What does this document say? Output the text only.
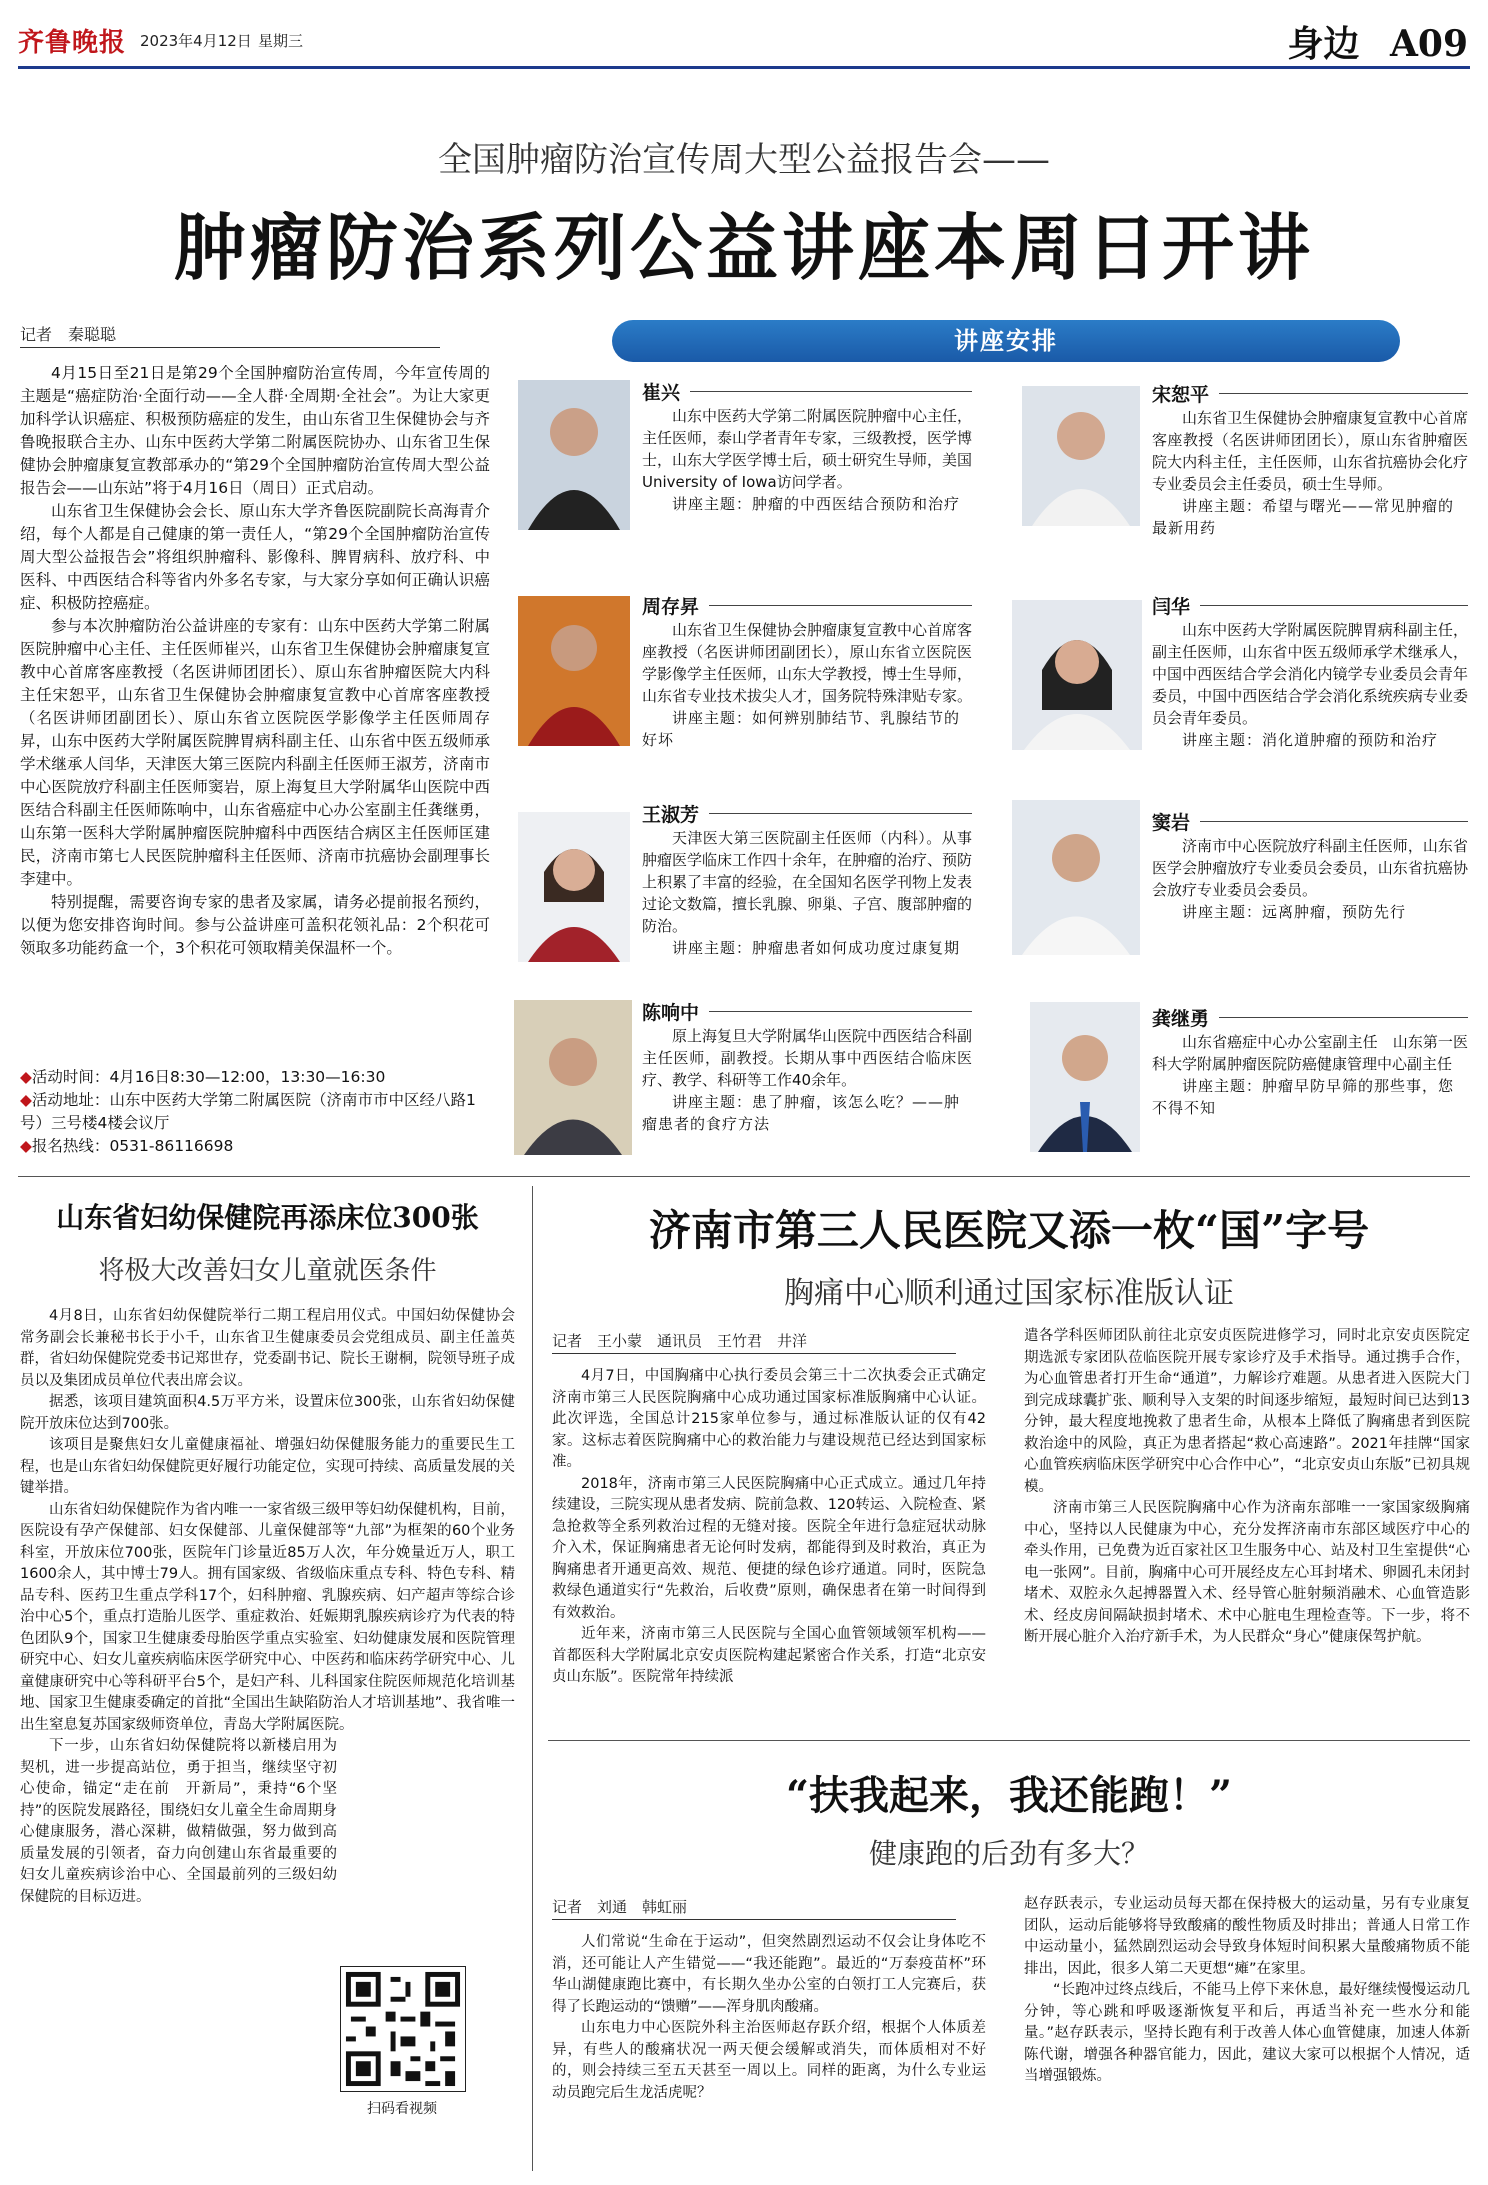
齐鲁晚报 2023年4月12日 星期三	身边 A09
全国肿瘤防治宣传周大型公益报告会——
肿瘤防治系列公益讲座本周日开讲
记者　秦聪聪

4月15日至21日是第29个全国肿瘤防治宣传周，今年宣传周的主题是“癌症防治·全面行动——全人群·全周期·全社会”。为让大家更加科学认识癌症、积极预防癌症的发生，由山东省卫生保健协会与齐鲁晚报联合主办、山东中医药大学第二附属医院协办、山东省卫生保健协会肿瘤康复宣教部承办的“第29个全国肿瘤防治宣传周大型公益报告会——山东站”将于4月16日（周日）正式启动。

山东省卫生保健协会会长、原山东大学齐鲁医院副院长高海青介绍，每个人都是自己健康的第一责任人，“第29个全国肿瘤防治宣传周大型公益报告会”将组织肿瘤科、影像科、脾胃病科、放疗科、中医科、中西医结合科等省内外多名专家，与大家分享如何正确认识癌症、积极防控癌症。

参与本次肿瘤防治公益讲座的专家有：山东中医药大学第二附属医院肿瘤中心主任、主任医师崔兴，山东省卫生保健协会肿瘤康复宣教中心首席客座教授（名医讲师团团长）、原山东省肿瘤医院大内科主任宋恕平，山东省卫生保健协会肿瘤康复宣教中心首席客座教授（名医讲师团副团长）、原山东省立医院医学影像学主任医师周存昇，山东中医药大学附属医院脾胃病科副主任、山东省中医五级师承学术继承人闫华，天津医大第三医院内科副主任医师王淑芳，济南市中心医院放疗科副主任医师窦岩，原上海复旦大学附属华山医院中西医结合科副主任医师陈响中，山东省癌症中心办公室副主任龚继勇，山东第一医科大学附属肿瘤医院肿瘤科中西医结合病区主任医师匡建民，济南市第七人民医院肿瘤科主任医师、济南市抗癌协会副理事长李建中。

特别提醒，需要咨询专家的患者及家属，请务必提前报名预约，以便为您安排咨询时间。参与公益讲座可盖积花领礼品：2个积花可领取多功能药盒一个，3个积花可领取精美保温杯一个。

◆活动时间：4月16日8:30—12:00，13:30—16:30
◆活动地址：山东中医药大学第二附属医院（济南市市中区经八路1号）三号楼4楼会议厅
◆报名热线：0531-86116698
讲座安排
崔兴
山东中医药大学第二附属医院肿瘤中心主任，主任医师，泰山学者青年专家，三级教授，医学博士，山东大学医学博士后，硕士研究生导师，美国University of Iowa访问学者。
讲座主题：肿瘤的中西医结合预防和治疗
宋恕平
山东省卫生保健协会肿瘤康复宣教中心首席客座教授（名医讲师团团长），原山东省肿瘤医院大内科主任，主任医师，山东省抗癌协会化疗专业委员会主任委员，硕士生导师。
讲座主题：希望与曙光——常见肿瘤的最新用药
周存昇
山东省卫生保健协会肿瘤康复宣教中心首席客座教授（名医讲师团副团长），原山东省立医院医学影像学主任医师，山东大学教授，博士生导师，山东省专业技术拔尖人才，国务院特殊津贴专家。
讲座主题：如何辨别肺结节、乳腺结节的好坏
闫华
山东中医药大学附属医院脾胃病科副主任，副主任医师，山东省中医五级师承学术继承人，中国中西医结合学会消化内镜学专业委员会青年委员，中国中西医结合学会消化系统疾病专业委员会青年委员。
讲座主题：消化道肿瘤的预防和治疗
王淑芳
天津医大第三医院副主任医师（内科）。从事肿瘤医学临床工作四十余年，在肿瘤的治疗、预防上积累了丰富的经验，在全国知名医学刊物上发表过论文数篇，擅长乳腺、卵巢、子宫、腹部肿瘤的防治。
讲座主题：肿瘤患者如何成功度过康复期
窦岩
济南市中心医院放疗科副主任医师，山东省医学会肿瘤放疗专业委员会委员，山东省抗癌协会放疗专业委员会委员。
讲座主题：远离肿瘤，预防先行
陈响中
原上海复旦大学附属华山医院中西医结合科副主任医师，副教授。长期从事中西医结合临床医疗、教学、科研等工作40余年。
讲座主题：患了肿瘤，该怎么吃？——肿瘤患者的食疗方法
龚继勇
山东省癌症中心办公室副主任　山东第一医科大学附属肿瘤医院防癌健康管理中心副主任
讲座主题：肿瘤早防早筛的那些事，您不得不知
山东省妇幼保健院再添床位300张
将极大改善妇女儿童就医条件

4月8日，山东省妇幼保健院举行二期工程启用仪式。中国妇幼保健协会常务副会长兼秘书长于小千，山东省卫生健康委员会党组成员、副主任盖英群，省妇幼保健院党委书记郑世存，党委副书记、院长王谢桐，院领导班子成员以及集团成员单位代表出席会议。

据悉，该项目建筑面积4.5万平方米，设置床位300张，山东省妇幼保健院开放床位达到700张。

该项目是聚焦妇女儿童健康福祉、增强妇幼保健服务能力的重要民生工程，也是山东省妇幼保健院更好履行功能定位，实现可持续、高质量发展的关键举措。

山东省妇幼保健院作为省内唯一一家省级三级甲等妇幼保健机构，目前，医院设有孕产保健部、妇女保健部、儿童保健部等“九部”为框架的60个业务科室，开放床位700张，医院年门诊量近85万人次，年分娩量近万人，职工1600余人，其中博士79人。拥有国家级、省级临床重点专科、特色专科、精品专科、医药卫生重点学科17个，妇科肿瘤、乳腺疾病、妇产超声等综合诊治中心5个，重点打造胎儿医学、重症救治、妊娠期乳腺疾病诊疗为代表的特色团队9个，国家卫生健康委母胎医学重点实验室、妇幼健康发展和医院管理研究中心、妇女儿童疾病临床医学研究中心、中医药和临床药学研究中心、儿童健康研究中心等科研平台5个，是妇产科、儿科国家住院医师规范化培训基地、国家卫生健康委确定的首批“全国出生缺陷防治人才培训基地”、我省唯一出生窒息复苏国家级师资单位，青岛大学附属医院。

下一步，山东省妇幼保健院将以新楼启用为契机，进一步提高站位，勇于担当，继续坚守初心使命，锚定“走在前　开新局”，秉持“6个坚持”的医院发展路径，围绕妇女儿童全生命周期身心健康服务，潜心深耕，做精做强，努力做到高质量发展的引领者，奋力向创建山东省最重要的妇女儿童疾病诊治中心、全国最前列的三级妇幼保健院的目标迈进。

扫码看视频
济南市第三人民医院又添一枚“国”字号
胸痛中心顺利通过国家标准版认证
记者　王小蒙　通讯员　王竹君　井洋

4月7日，中国胸痛中心执行委员会第三十二次执委会正式确定济南市第三人民医院胸痛中心成功通过国家标准版胸痛中心认证。此次评选，全国总计215家单位参与，通过标准版认证的仅有42家。这标志着医院胸痛中心的救治能力与建设规范已经达到国家标准。

2018年，济南市第三人民医院胸痛中心正式成立。通过几年持续建设，三院实现从患者发病、院前急救、120转运、入院检查、紧急抢救等全系列救治过程的无缝对接。医院全年进行急症冠状动脉介入术，保证胸痛患者无论何时发病，都能得到及时救治，真正为胸痛患者开通更高效、规范、便捷的绿色诊疗通道。同时，医院急救绿色通道实行“先救治，后收费”原则，确保患者在第一时间得到有效救治。

近年来，济南市第三人民医院与全国心血管领域领军机构——首都医科大学附属北京安贞医院构建起紧密合作关系，打造“北京安贞山东版”。医院常年持续派

遣各学科医师团队前往北京安贞医院进修学习，同时北京安贞医院定期选派专家团队莅临医院开展专家诊疗及手术指导。通过携手合作，为心血管患者打开生命“通道”，力解诊疗难题。从患者进入医院大门到完成球囊扩张、顺利导入支架的时间逐步缩短，最短时间已达到13分钟，最大程度地挽救了患者生命，从根本上降低了胸痛患者到医院救治途中的风险，真正为患者搭起“救心高速路”。2021年挂牌“国家心血管疾病临床医学研究中心合作中心”，“北京安贞山东版”已初具规模。

济南市第三人民医院胸痛中心作为济南东部唯一一家国家级胸痛中心，坚持以人民健康为中心，充分发挥济南市东部区域医疗中心的牵头作用，已免费为近百家社区卫生服务中心、站及村卫生室提供“心电一张网”。目前，胸痛中心可开展经皮左心耳封堵术、卵圆孔未闭封堵术、双腔永久起搏器置入术、经导管心脏射频消融术、心血管造影术、经皮房间隔缺损封堵术、术中心脏电生理检查等。下一步，将不断开展心脏介入治疗新手术，为人民群众“身心”健康保驾护航。

“扶我起来，我还能跑！”
健康跑的后劲有多大？
记者　刘通　韩虹丽

人们常说“生命在于运动”，但突然剧烈运动不仅会让身体吃不消，还可能让人产生错觉——“我还能跑”。最近的“万泰疫苗杯”环华山湖健康跑比赛中，有长期久坐办公室的白领打工人完赛后，获得了长跑运动的“馈赠”——浑身肌肉酸痛。

山东电力中心医院外科主治医师赵存跃介绍，根据个人体质差异，有些人的酸痛状况一两天便会缓解或消失，而体质相对不好的，则会持续三至五天甚至一周以上。同样的距离，为什么专业运动员跑完后生龙活虎呢？

赵存跃表示，专业运动员每天都在保持极大的运动量，另有专业康复团队，运动后能够将导致酸痛的酸性物质及时排出；普通人日常工作中运动量小，猛然剧烈运动会导致身体短时间积累大量酸痛物质不能排出，因此，很多人第二天更想“瘫”在家里。

“长跑冲过终点线后，不能马上停下来休息，最好继续慢慢运动几分钟，等心跳和呼吸逐渐恢复平和后，再适当补充一些水分和能量。”赵存跃表示，坚持长跑有利于改善人体心血管健康，加速人体新陈代谢，增强各种器官能力，因此，建议大家可以根据个人情况，适当增强锻炼。
